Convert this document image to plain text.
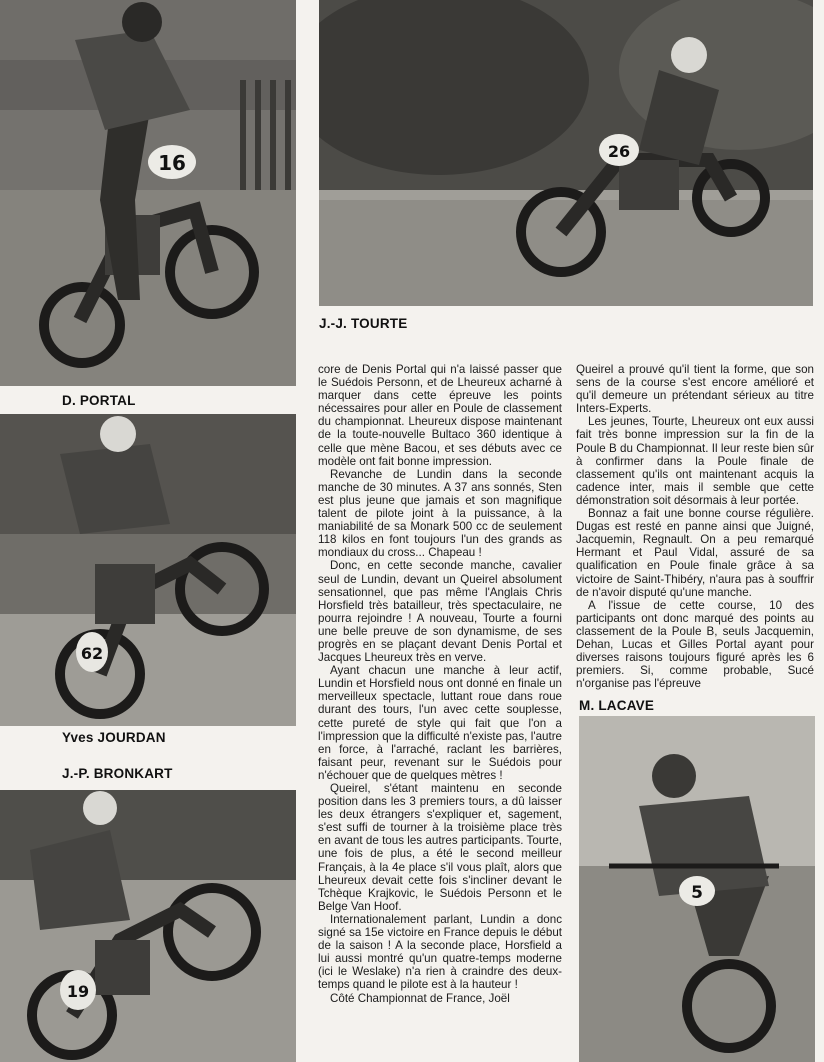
16	26
62
19
5
D. PORTAL
J.-J. TOURTE
Yves JOURDAN
J.-P. BRONKART
M. LACAVE

core de Denis Portal qui n'a laissé passer que le Suédois Personn, et de Lheureux acharné à marquer dans cette épreuve les points nécessaires pour aller en Poule de classement du championnat. Lheureux dispose maintenant de la toute-nouvelle Bultaco 360 identique à celle que mène Bacou, et ses débuts avec ce modèle ont fait bonne impression.

Revanche de Lundin dans la seconde manche de 30 minutes. A 37 ans sonnés, Sten est plus jeune que jamais et son magnifique talent de pilote joint à la puissance, à la maniabilité de sa Monark 500 cc de seulement 118 kilos en font toujours l'un des grands as mondiaux du cross... Chapeau !

Donc, en cette seconde manche, cavalier seul de Lundin, devant un Queirel absolument sensationnel, que pas même l'Anglais Chris Horsfield très batailleur, très spectaculaire, ne pourra rejoindre ! A nouveau, Tourte a fourni une belle preuve de son dynamisme, de ses progrès en se plaçant devant Denis Portal et Jacques Lheureux très en verve.

Ayant chacun une manche à leur actif, Lundin et Horsfield nous ont donné en finale un merveilleux spectacle, luttant roue dans roue durant des tours, l'un avec cette souplesse, cette pureté de style qui fait que l'on a l'impression que la difficulté n'existe pas, l'autre en force, à l'arraché, raclant les barrières, faisant peur, revenant sur le Suédois pour n'échouer que de quelques mètres !

Queirel, s'étant maintenu en seconde position dans les 3 premiers tours, a dû laisser les deux étrangers s'expliquer et, sagement, s'est suffi de tourner à la troisième place très en avant de tous les autres participants. Tourte, une fois de plus, a été le second meilleur Français, à la 4e place s'il vous plaît, alors que Lheureux devait cette fois s'incliner devant le Tchèque Krajkovic, le Suédois Personn et le Belge Van Hoof.

Internationalement parlant, Lundin a donc signé sa 15e victoire en France depuis le début de la saison ! A la seconde place, Horsfield a lui aussi montré qu'un quatre-temps moderne (ici le Weslake) n'a rien à craindre des deux-temps quand le pilote est à la hauteur !

Côté Championnat de France, Joël

Queirel a prouvé qu'il tient la forme, que son sens de la course s'est encore amélioré et qu'il demeure un prétendant sérieux au titre Inters-Experts.

Les jeunes, Tourte, Lheureux ont eux aussi fait très bonne impression sur la fin de la Poule B du Championnat. Il leur reste bien sûr à confirmer dans la Poule finale de classement qu'ils ont maintenant acquis la cadence inter, mais il semble que cette démonstration soit désormais à leur portée.

Bonnaz a fait une bonne course régulière. Dugas est resté en panne ainsi que Juigné, Jacquemin, Regnault. On a peu remarqué Hermant et Paul Vidal, assuré de sa qualification en Poule finale grâce à sa victoire de Saint-Thibéry, n'aura pas à souffrir de n'avoir disputé qu'une manche.

A l'issue de cette course, 10 des participants ont donc marqué des points au classement de la Poule B, seuls Jacquemin, Dehan, Lucas et Gilles Portal ayant pour diverses raisons toujours figuré après les 6 premiers. Si, comme probable, Sucé n'organise pas l'épreuve
